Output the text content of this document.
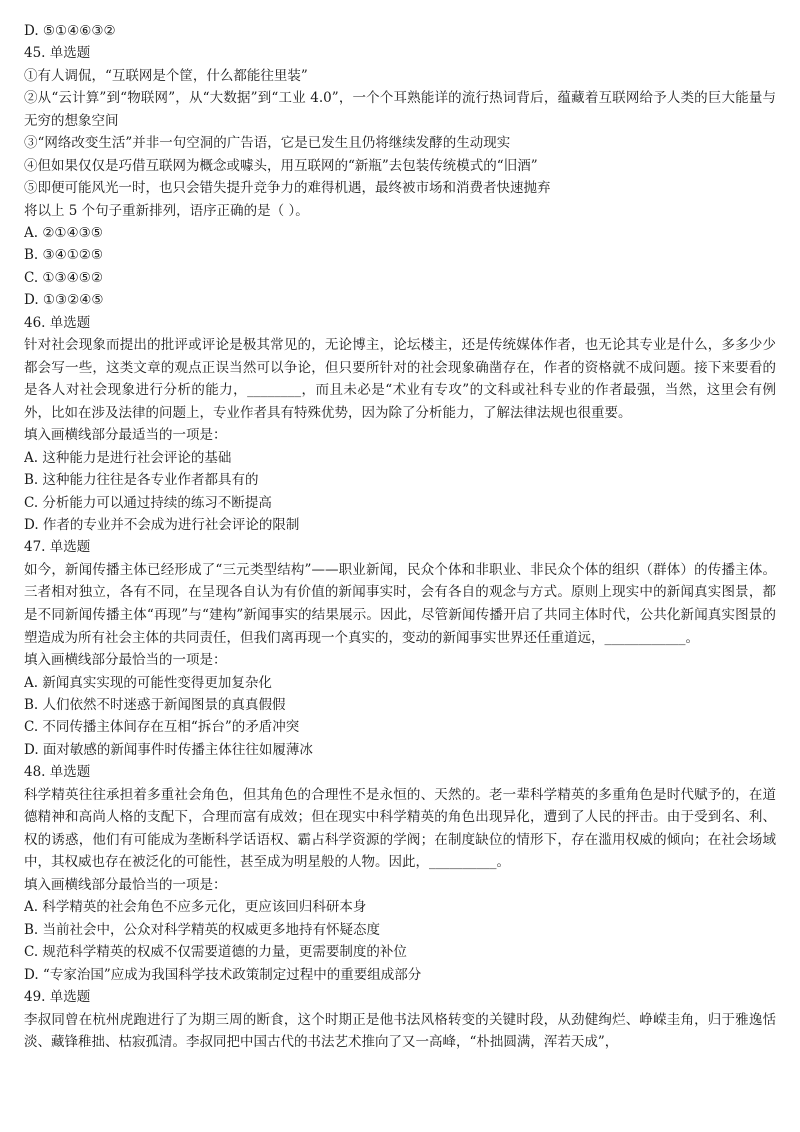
D. ⑤①④⑥③②
45. 单选题
①有人调侃，“互联网是个筐，什么都能往里装”
②从“云计算”到“物联网”，从“大数据”到“工业 4.0”，一个个耳熟能详的流行热词背后，蕴藏着互联网给予人类的巨大能量与无穷的想象空间
③“网络改变生活”并非一句空洞的广告语，它是已发生且仍将继续发酵的生动现实
④但如果仅仅是巧借互联网为概念或噱头，用互联网的“新瓶”去包装传统模式的“旧酒”
⑤即便可能风光一时，也只会错失提升竞争力的难得机遇，最终被市场和消费者快速抛弃
将以上 5 个句子重新排列，语序正确的是（ ）。
A. ②①④③⑤
B. ③④①②⑤
C. ①③④⑤②
D. ①③②④⑤
46. 单选题
针对社会现象而提出的批评或评论是极其常见的，无论博主，论坛楼主，还是传统媒体作者，也无论其专业是什么，多多少少都会写一些，这类文章的观点正误当然可以争论，但只要所针对的社会现象确凿存在，作者的资格就不成问题。接下来要看的是各人对社会现象进行分析的能力，________，而且未必是“术业有专攻”的文科或社科专业的作者最强，当然，这里会有例外，比如在涉及法律的问题上，专业作者具有特殊优势，因为除了分析能力，了解法律法规也很重要。
填入画横线部分最适当的一项是：
A. 这种能力是进行社会评论的基础
B. 这种能力往往是各专业作者都具有的
C. 分析能力可以通过持续的练习不断提高
D. 作者的专业并不会成为进行社会评论的限制
47. 单选题
如今，新闻传播主体已经形成了“三元类型结构”——职业新闻，民众个体和非职业、非民众个体的组织（群体）的传播主体。三者相对独立，各有不同，在呈现各自认为有价值的新闻事实时，会有各自的观念与方式。原则上现实中的新闻真实图景，都是不同新闻传播主体“再现”与“建构”新闻事实的结果展示。因此，尽管新闻传播开启了共同主体时代，公共化新闻真实图景的塑造成为所有社会主体的共同责任，但我们离再现一个真实的，变动的新闻事实世界还任重道远，____________。
填入画横线部分最恰当的一项是：
A. 新闻真实实现的可能性变得更加复杂化
B. 人们依然不时迷惑于新闻图景的真真假假
C. 不同传播主体间存在互相“拆台”的矛盾冲突
D. 面对敏感的新闻事件时传播主体往往如履薄冰
48. 单选题
科学精英往往承担着多重社会角色，但其角色的合理性不是永恒的、天然的。老一辈科学精英的多重角色是时代赋予的，在道德精神和高尚人格的支配下，合理而富有成效；但在现实中科学精英的角色出现异化，遭到了人民的抨击。由于受到名、利、权的诱惑，他们有可能成为垄断科学话语权、霸占科学资源的学阀；在制度缺位的情形下，存在滥用权威的倾向；在社会场域中，其权威也存在被泛化的可能性，甚至成为明星般的人物。因此，__________。
填入画横线部分最恰当的一项是：
A. 科学精英的社会角色不应多元化，更应该回归科研本身
B. 当前社会中，公众对科学精英的权威更多地持有怀疑态度
C. 规范科学精英的权威不仅需要道德的力量，更需要制度的补位
D. “专家治国”应成为我国科学技术政策制定过程中的重要组成部分
49. 单选题
李叔同曾在杭州虎跑进行了为期三周的断食，这个时期正是他书法风格转变的关键时段，从劲健绚烂、峥嵘圭角，归于雅逸恬淡、藏锋稚拙、枯寂孤清。李叔同把中国古代的书法艺术推向了又一高峰，“朴拙圆满，浑若天成”，
